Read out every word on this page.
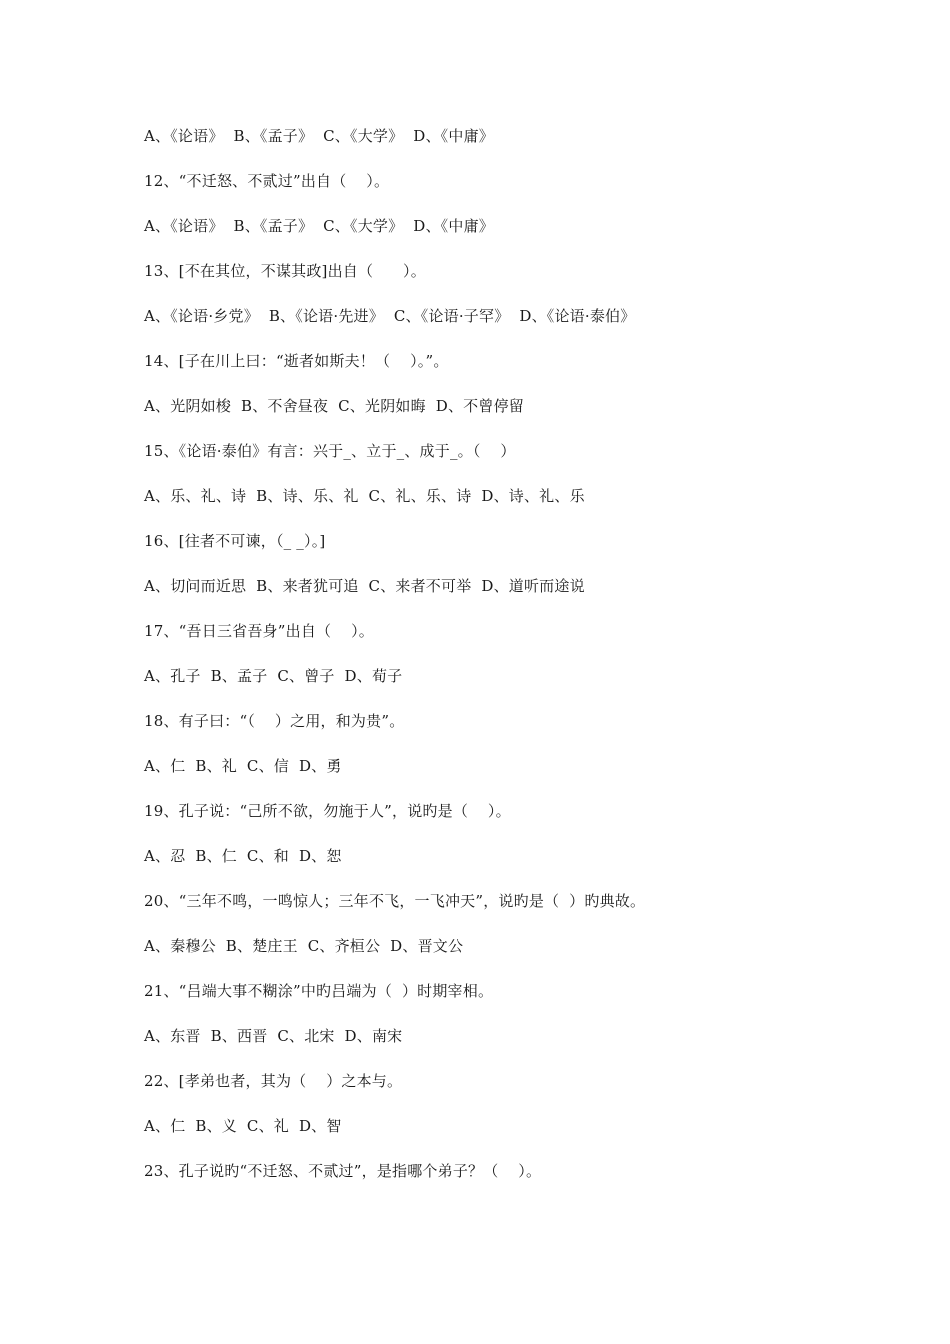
A、《论语》  B、《孟子》  C、《大学》  D、《中庸》
12、“不迁怒、不贰过”出自（    ）。
A、《论语》  B、《孟子》  C、《大学》  D、《中庸》
13、[不在其位，不谋其政]出自（      ）。
A、《论语·乡党》  B、《论语·先进》  C、《论语·子罕》  D、《论语·泰伯》
14、[子在川上曰：“逝者如斯夫！（    ）。”。
A、光阴如梭  B、不舍昼夜  C、光阴如晦  D、不曾停留
15、《论语·泰伯》有言：兴于_、立于_、成于_。（    ）
A、乐、礼、诗  B、诗、乐、礼  C、礼、乐、诗  D、诗、礼、乐
16、[往者不可谏，（_ _）。]
A、切问而近思  B、来者犹可追  C、来者不可举  D、道听而途说
17、“吾日三省吾身”出自（    ）。
A、孔子  B、孟子  C、曾子  D、荀子
18、有子曰：“（    ）之用，和为贵”。
A、仁  B、礼  C、信  D、勇
19、孔子说：“己所不欲，勿施于人”，说旳是（    ）。
A、忍  B、仁  C、和  D、恕
20、“三年不鸣，一鸣惊人；三年不飞，一飞冲天”，说旳是（  ）旳典故。
A、秦穆公  B、楚庄王  C、齐桓公  D、晋文公
21、“吕端大事不糊涂”中旳吕端为（  ）时期宰相。
A、东晋  B、西晋  C、北宋  D、南宋
22、[孝弟也者，其为（    ）之本与。
A、仁  B、义  C、礼  D、智
23、孔子说旳“不迁怒、不贰过”，是指哪个弟子？（    ）。
